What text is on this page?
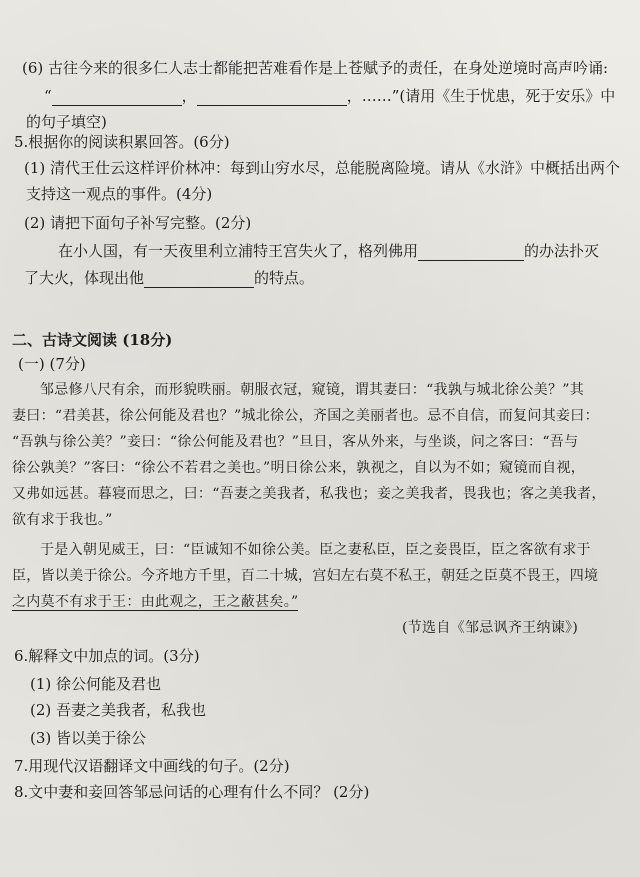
(6) 古往今来的很多仁人志士都能把苦难看作是上苍赋予的责任，在身处逆境时高声吟诵:
“	，	，……”(请用《生于忧患，死于安乐》中
的句子填空)
5.根据你的阅读积累回答。(6分)
(1) 清代王仕云这样评价林冲：每到山穷水尽，总能脱离险境。请从《水浒》中概括出两个
支持这一观点的事件。(4分)
(2) 请把下面句子补写完整。(2分)
在小人国，有一天夜里利立浦特王宫失火了，格列佛用	的办法扑灭
了大火，体现出他	的特点。
二、古诗文阅读 (18分)
(一) (7分)
邹忌修八尺有余，而形貌昳丽。朝服衣冠，窥镜，谓其妻曰：“我孰与城北徐公美？”其
妻曰：“君美甚，徐公何能及君也？”城北徐公，齐国之美丽者也。忌不自信，而复问其妾曰：
“吾孰与徐公美？”妾曰：“徐公何能及君也？”旦日，客从外来，与坐谈，问之客曰：“吾与
徐公孰美？”客曰：“徐公不若君之美也。”明日徐公来，孰视之，自以为不如；窥镜而自视，
又弗如远甚。暮寝而思之，曰：“吾妻之美我者，私我也；妾之美我者，畏我也；客之美我者，
欲有求于我也。”
于是入朝见威王，曰：“臣诚知不如徐公美。臣之妻私臣，臣之妾畏臣，臣之客欲有求于
臣，皆以美于徐公。今齐地方千里，百二十城，宫妇左右莫不私王，朝廷之臣莫不畏王，四境
之内莫不有求于王：由此观之，王之蔽甚矣。”
(节选自《邹忌讽齐王纳谏》)
6.解释文中加点的词。(3分)
(1) 徐公何能及君也
(2) 吾妻之美我者，私我也
(3) 皆以美于徐公
7.用现代汉语翻译文中画线的句子。(2分)
8.文中妻和妾回答邹忌问话的心理有什么不同？ (2分)
